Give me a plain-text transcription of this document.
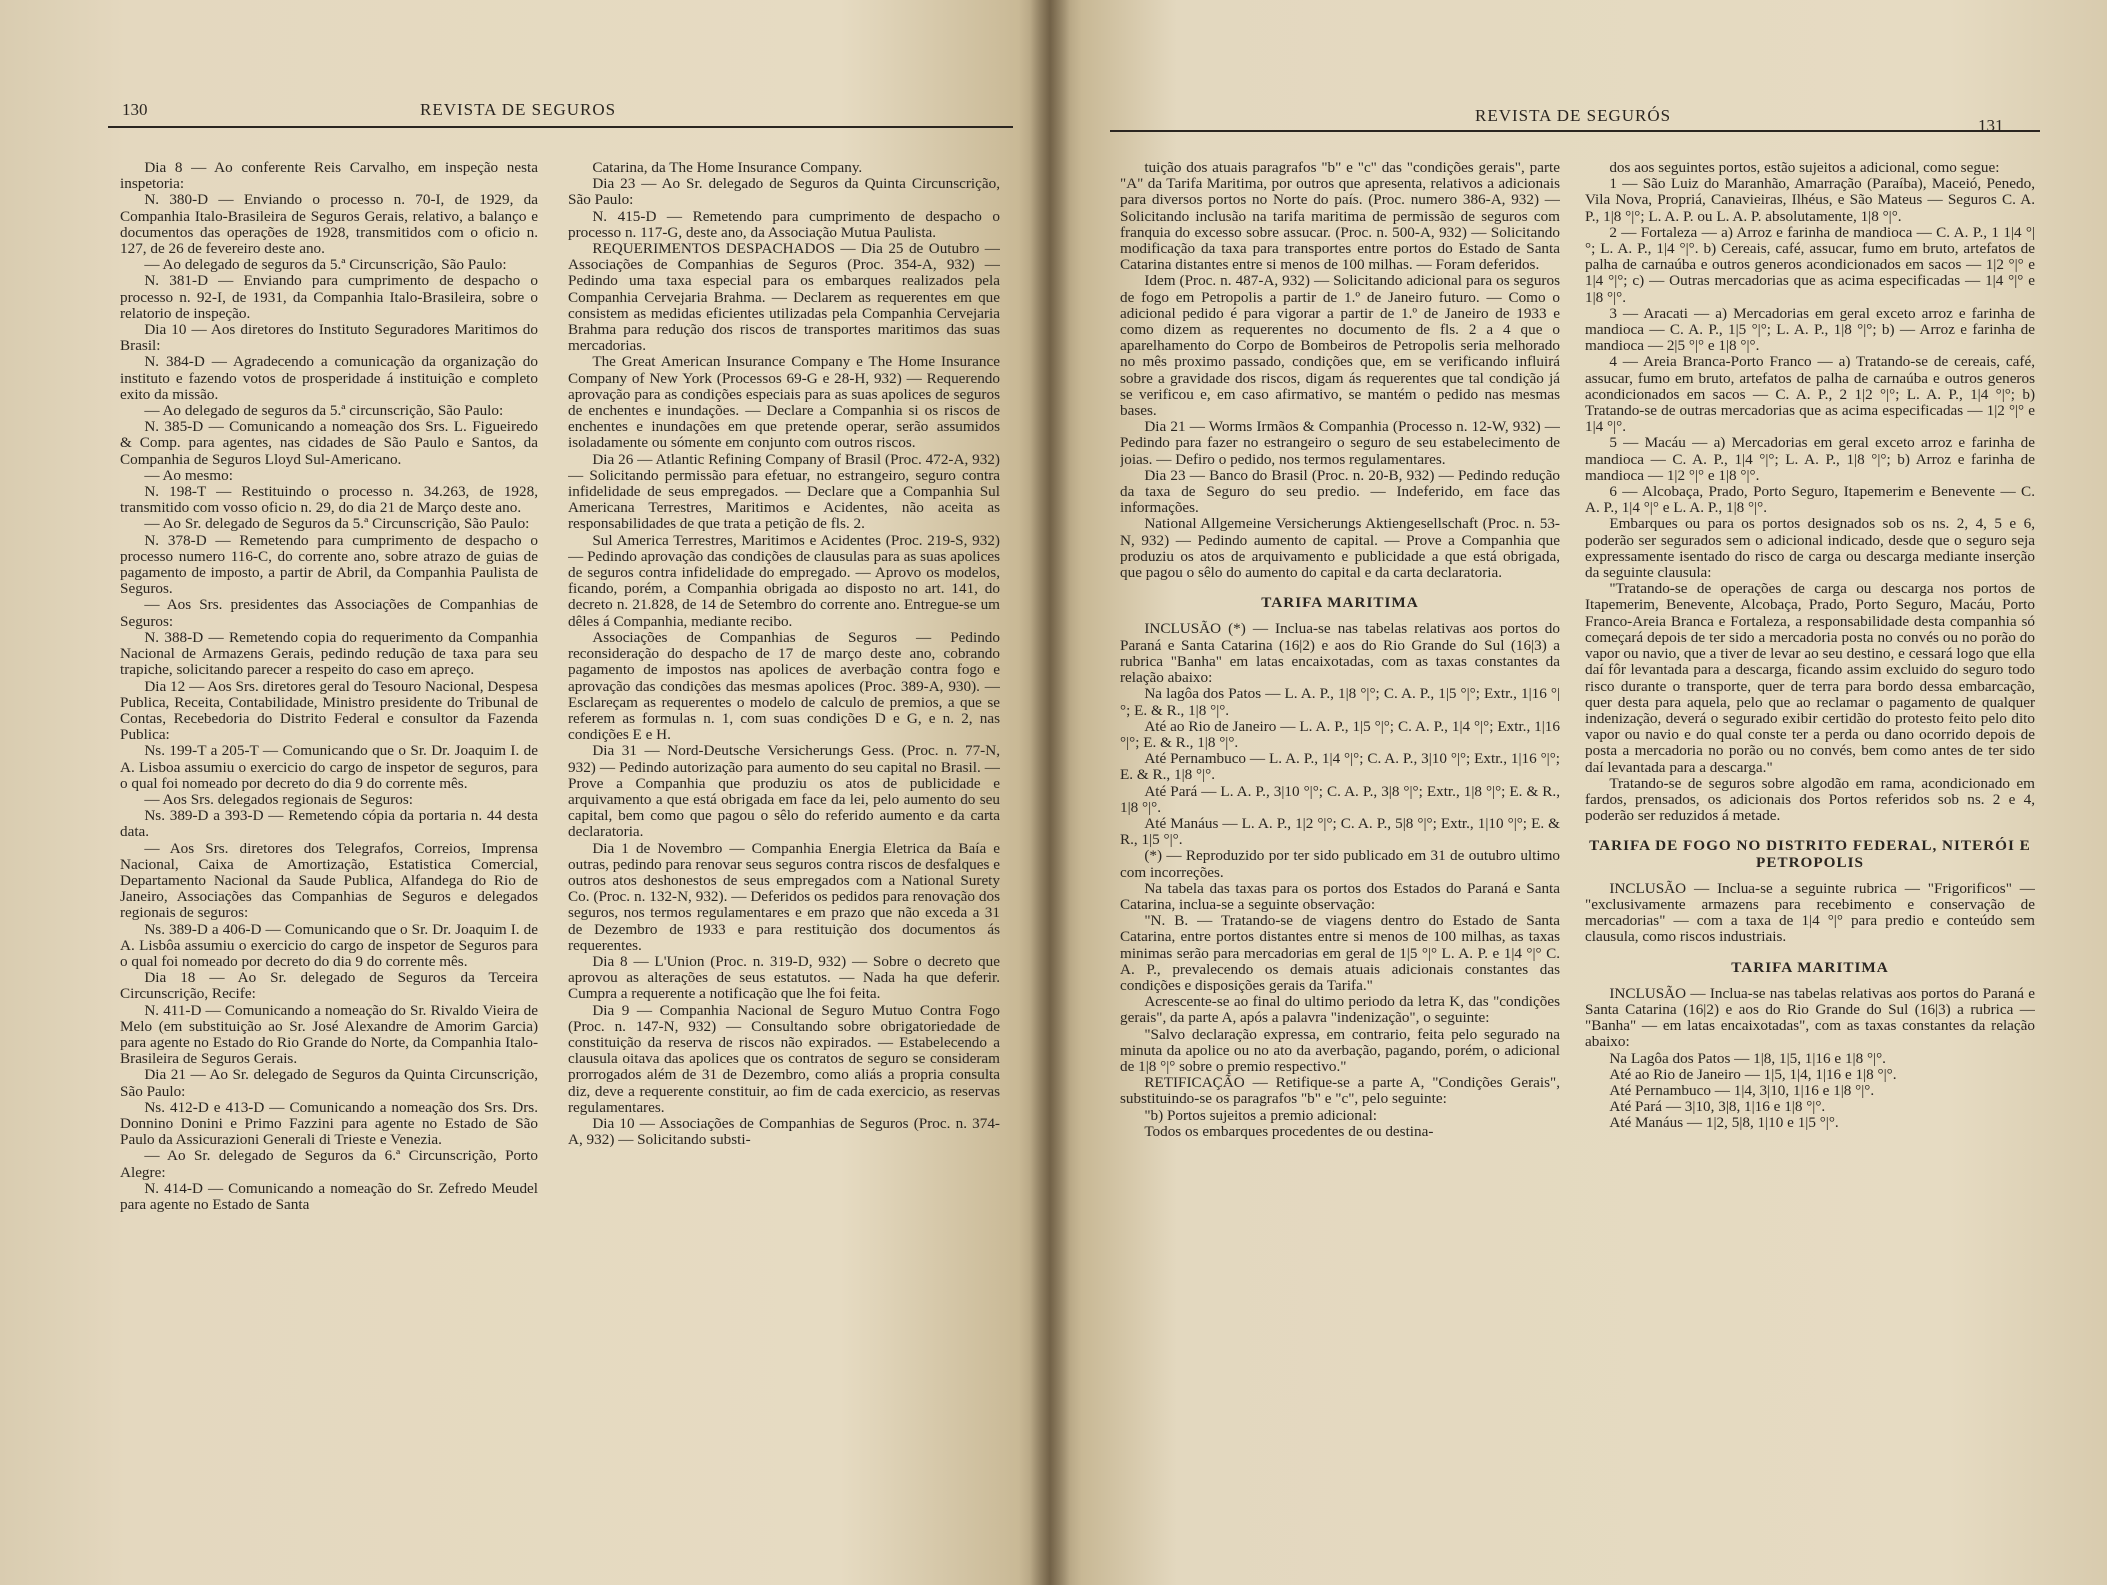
130	REVISTA DE SEGUROS

Dia 8 — Ao conferente Reis Carvalho, em inspeção nesta inspetoria:

N. 380-D — Enviando o processo n. 70-I, de 1929, da Companhia Italo-Brasileira de Seguros Gerais, relativo, a balanço e documentos das operações de 1928, transmitidos com o oficio n. 127, de 26 de fevereiro deste ano.

— Ao delegado de seguros da 5.ª Circunscrição, São Paulo:

N. 381-D — Enviando para cumprimento de despacho o processo n. 92-I, de 1931, da Companhia Italo-Brasileira, sobre o relatorio de inspeção.

Dia 10 — Aos diretores do Instituto Seguradores Maritimos do Brasil:

N. 384-D — Agradecendo a comunicação da organização do instituto e fazendo votos de prosperidade á instituição e completo exito da missão.

— Ao delegado de seguros da 5.ª circunscrição, São Paulo:

N. 385-D — Comunicando a nomeação dos Srs. L. Figueiredo & Comp. para agentes, nas cidades de São Paulo e Santos, da Companhia de Seguros Lloyd Sul-Americano.

— Ao mesmo:

N. 198-T — Restituindo o processo n. 34.263, de 1928, transmitido com vosso oficio n. 29, do dia 21 de Março deste ano.

— Ao Sr. delegado de Seguros da 5.ª Circunscrição, São Paulo:

N. 378-D — Remetendo para cumprimento de despacho o processo numero 116-C, do corrente ano, sobre atrazo de guias de pagamento de imposto, a partir de Abril, da Companhia Paulista de Seguros.

— Aos Srs. presidentes das Associações de Companhias de Seguros:

N. 388-D — Remetendo copia do requerimento da Companhia Nacional de Armazens Gerais, pedindo redução de taxa para seu trapiche, solicitando parecer a respeito do caso em apreço.

Dia 12 — Aos Srs. diretores geral do Tesouro Nacional, Despesa Publica, Receita, Contabilidade, Ministro presidente do Tribunal de Contas, Recebedoria do Distrito Federal e consultor da Fazenda Publica:

Ns. 199-T a 205-T — Comunicando que o Sr. Dr. Joaquim I. de A. Lisboa assumiu o exercicio do cargo de inspetor de seguros, para o qual foi nomeado por decreto do dia 9 do corrente mês.

— Aos Srs. delegados regionais de Seguros:

Ns. 389-D a 393-D — Remetendo cópia da portaria n. 44 desta data.

— Aos Srs. diretores dos Telegrafos, Correios, Imprensa Nacional, Caixa de Amortização, Estatistica Comercial, Departamento Nacional da Saude Publica, Alfandega do Rio de Janeiro, Associações das Companhias de Seguros e delegados regionais de seguros:

Ns. 389-D a 406-D — Comunicando que o Sr. Dr. Joaquim I. de A. Lisbôa assumiu o exercicio do cargo de inspetor de Seguros para o qual foi nomeado por decreto do dia 9 do corrente mês.

Dia 18 — Ao Sr. delegado de Seguros da Terceira Circunscrição, Recife:

N. 411-D — Comunicando a nomeação do Sr. Rivaldo Vieira de Melo (em substituição ao Sr. José Alexandre de Amorim Garcia) para agente no Estado do Rio Grande do Norte, da Companhia Italo-Brasileira de Seguros Gerais.

Dia 21 — Ao Sr. delegado de Seguros da Quinta Circunscrição, São Paulo:

Ns. 412-D e 413-D — Comunicando a nomeação dos Srs. Drs. Donnino Donini e Primo Fazzini para agente no Estado de São Paulo da Assicurazioni Generali di Trieste e Venezia.

— Ao Sr. delegado de Seguros da 6.ª Circunscrição, Porto Alegre:

N. 414-D — Comunicando a nomeação do Sr. Zefredo Meudel para agente no Estado de Santa

Catarina, da The Home Insurance Company.

Dia 23 — Ao Sr. delegado de Seguros da Quinta Circunscrição, São Paulo:

N. 415-D — Remetendo para cumprimento de despacho o processo n. 117-G, deste ano, da Associação Mutua Paulista.

REQUERIMENTOS DESPACHADOS — Dia 25 de Outubro — Associações de Companhias de Seguros (Proc. 354-A, 932) — Pedindo uma taxa especial para os embarques realizados pela Companhia Cervejaria Brahma. — Declarem as requerentes em que consistem as medidas eficientes utilizadas pela Companhia Cervejaria Brahma para redução dos riscos de transportes maritimos das suas mercadorias.

The Great American Insurance Company e The Home Insurance Company of New York (Processos 69-G e 28-H, 932) — Requerendo aprovação para as condições especiais para as suas apolices de seguros de enchentes e inundações. — Declare a Companhia si os riscos de enchentes e inundações em que pretende operar, serão assumidos isoladamente ou sómente em conjunto com outros riscos.

Dia 26 — Atlantic Refining Company of Brasil (Proc. 472-A, 932) — Solicitando permissão para efetuar, no estrangeiro, seguro contra infidelidade de seus empregados. — Declare que a Companhia Sul Americana Terrestres, Maritimos e Acidentes, não aceita as responsabilidades de que trata a petição de fls. 2.

Sul America Terrestres, Maritimos e Acidentes (Proc. 219-S, 932) — Pedindo aprovação das condições de clausulas para as suas apolices de seguros contra infidelidade do empregado. — Aprovo os modelos, ficando, porém, a Companhia obrigada ao disposto no art. 141, do decreto n. 21.828, de 14 de Setembro do corrente ano. Entregue-se um dêles á Companhia, mediante recibo.

Associações de Companhias de Seguros — Pedindo reconsideração do despacho de 17 de março deste ano, cobrando pagamento de impostos nas apolices de averbação contra fogo e aprovação das condições das mesmas apolices (Proc. 389-A, 930). — Esclareçam as requerentes o modelo de calculo de premios, a que se referem as formulas n. 1, com suas condições D e G, e n. 2, nas condições E e H.

Dia 31 — Nord-Deutsche Versicherungs Gess. (Proc. n. 77-N, 932) — Pedindo autorização para aumento do seu capital no Brasil. — Prove a Companhia que produziu os atos de publicidade e arquivamento a que está obrigada em face da lei, pelo aumento do seu capital, bem como que pagou o sêlo do referido aumento e da carta declaratoria.

Dia 1 de Novembro — Companhia Energia Eletrica da Baía e outras, pedindo para renovar seus seguros contra riscos de desfalques e outros atos deshonestos de seus empregados com a National Surety Co. (Proc. n. 132-N, 932). — Deferidos os pedidos para renovação dos seguros, nos termos regulamentares e em prazo que não exceda a 31 de Dezembro de 1933 e para restituição dos documentos ás requerentes.

Dia 8 — L'Union (Proc. n. 319-D, 932) — Sobre o decreto que aprovou as alterações de seus estatutos. — Nada ha que deferir. Cumpra a requerente a notificação que lhe foi feita.

Dia 9 — Companhia Nacional de Seguro Mutuo Contra Fogo (Proc. n. 147-N, 932) — Consultando sobre obrigatoriedade de constituição da reserva de riscos não expirados. — Estabelecendo a clausula oitava das apolices que os contratos de seguro se consideram prorrogados além de 31 de Dezembro, como aliás a propria consulta diz, deve a requerente constituir, ao fim de cada exercicio, as reservas regulamentares.

Dia 10 — Associações de Companhias de Seguros (Proc. n. 374-A, 932) — Solicitando substi-

REVISTA DE SEGURÓS
131

tuição dos atuais paragrafos "b" e "c" das "condições gerais", parte "A" da Tarifa Maritima, por outros que apresenta, relativos a adicionais para diversos portos no Norte do país. (Proc. numero 386-A, 932) — Solicitando inclusão na tarifa maritima de permissão de seguros com franquia do excesso sobre assucar. (Proc. n. 500-A, 932) — Solicitando modificação da taxa para transportes entre portos do Estado de Santa Catarina distantes entre si menos de 100 milhas. — Foram deferidos.

Idem (Proc. n. 487-A, 932) — Solicitando adicional para os seguros de fogo em Petropolis a partir de 1.º de Janeiro futuro. — Como o adicional pedido é para vigorar a partir de 1.º de Janeiro de 1933 e como dizem as requerentes no documento de fls. 2 a 4 que o aparelhamento do Corpo de Bombeiros de Petropolis seria melhorado no mês proximo passado, condições que, em se verificando influirá sobre a gravidade dos riscos, digam ás requerentes que tal condição já se verificou e, em caso afirmativo, se mantém o pedido nas mesmas bases.

Dia 21 — Worms Irmãos & Companhia (Processo n. 12-W, 932) — Pedindo para fazer no estrangeiro o seguro de seu estabelecimento de joias. — Defiro o pedido, nos termos regulamentares.

Dia 23 — Banco do Brasil (Proc. n. 20-B, 932) — Pedindo redução da taxa de Seguro do seu predio. — Indeferido, em face das informações.

National Allgemeine Versicherungs Aktiengesellschaft (Proc. n. 53-N, 932) — Pedindo aumento de capital. — Prove a Companhia que produziu os atos de arquivamento e publicidade a que está obrigada, que pagou o sêlo do aumento do capital e da carta declaratoria.

TARIFA MARITIMA

INCLUSÃO (*) — Inclua-se nas tabelas relativas aos portos do Paraná e Santa Catarina (16|2) e aos do Rio Grande do Sul (16|3) a rubrica "Banha" em latas encaixotadas, com as taxas constantes da relação abaixo:

Na lagôa dos Patos — L. A. P., 1|8 °|°; C. A. P., 1|5 °|°; Extr., 1|16 °|°; E. & R., 1|8 °|°.

Até ao Rio de Janeiro — L. A. P., 1|5 °|°; C. A. P., 1|4 °|°; Extr., 1|16 °|°; E. & R., 1|8 °|°.

Até Pernambuco — L. A. P., 1|4 °|°; C. A. P., 3|10 °|°; Extr., 1|16 °|°; E. & R., 1|8 °|°.

Até Pará — L. A. P., 3|10 °|°; C. A. P., 3|8 °|°; Extr., 1|8 °|°; E. & R., 1|8 °|°.

Até Manáus — L. A. P., 1|2 °|°; C. A. P., 5|8 °|°; Extr., 1|10 °|°; E. & R., 1|5 °|°.

(*) — Reproduzido por ter sido publicado em 31 de outubro ultimo com incorreções.

Na tabela das taxas para os portos dos Estados do Paraná e Santa Catarina, inclua-se a seguinte observação:

"N. B. — Tratando-se de viagens dentro do Estado de Santa Catarina, entre portos distantes entre si menos de 100 milhas, as taxas minimas serão para mercadorias em geral de 1|5 °|° L. A. P. e 1|4 °|° C. A. P., prevalecendo os demais atuais adicionais constantes das condições e disposições gerais da Tarifa."

Acrescente-se ao final do ultimo periodo da letra K, das "condições gerais", da parte A, após a palavra "indenização", o seguinte:

"Salvo declaração expressa, em contrario, feita pelo segurado na minuta da apolice ou no ato da averbação, pagando, porém, o adicional de 1|8 °|° sobre o premio respectivo."

RETIFICAÇÃO — Retifique-se a parte A, "Condições Gerais", substituindo-se os paragrafos "b" e "c", pelo seguinte:

"b) Portos sujeitos a premio adicional:

Todos os embarques procedentes de ou destina-

dos aos seguintes portos, estão sujeitos a adicional, como segue:

1 — São Luiz do Maranhão, Amarração (Paraíba), Maceió, Penedo, Vila Nova, Propriá, Canavieiras, Ilhéus, e São Mateus — Seguros C. A. P., 1|8 °|°; L. A. P. ou L. A. P. absolutamente, 1|8 °|°.

2 — Fortaleza — a) Arroz e farinha de mandioca — C. A. P., 1 1|4 °|°; L. A. P., 1|4 °|°. b) Cereais, café, assucar, fumo em bruto, artefatos de palha de carnaúba e outros generos acondicionados em sacos — 1|2 °|° e 1|4 °|°; c) — Outras mercadorias que as acima especificadas — 1|4 °|° e 1|8 °|°.

3 — Aracati — a) Mercadorias em geral exceto arroz e farinha de mandioca — C. A. P., 1|5 °|°; L. A. P., 1|8 °|°; b) — Arroz e farinha de mandioca — 2|5 °|° e 1|8 °|°.

4 — Areia Branca-Porto Franco — a) Tratando-se de cereais, café, assucar, fumo em bruto, artefatos de palha de carnaúba e outros generos acondicionados em sacos — C. A. P., 2 1|2 °|°; L. A. P., 1|4 °|°; b) Tratando-se de outras mercadorias que as acima especificadas — 1|2 °|° e 1|4 °|°.

5 — Macáu — a) Mercadorias em geral exceto arroz e farinha de mandioca — C. A. P., 1|4 °|°; L. A. P., 1|8 °|°; b) Arroz e farinha de mandioca — 1|2 °|° e 1|8 °|°.

6 — Alcobaça, Prado, Porto Seguro, Itapemerim e Benevente — C. A. P., 1|4 °|° e L. A. P., 1|8 °|°.

Embarques ou para os portos designados sob os ns. 2, 4, 5 e 6, poderão ser segurados sem o adicional indicado, desde que o seguro seja expressamente isentado do risco de carga ou descarga mediante inserção da seguinte clausula:

"Tratando-se de operações de carga ou descarga nos portos de Itapemerim, Benevente, Alcobaça, Prado, Porto Seguro, Macáu, Porto Franco-Areia Branca e Fortaleza, a responsabilidade desta companhia só começará depois de ter sido a mercadoria posta no convés ou no porão do vapor ou navio, que a tiver de levar ao seu destino, e cessará logo que ella daí fôr levantada para a descarga, ficando assim excluido do seguro todo risco durante o transporte, quer de terra para bordo dessa embarcação, quer desta para aquela, pelo que ao reclamar o pagamento de qualquer indenização, deverá o segurado exibir certidão do protesto feito pelo dito vapor ou navio e do qual conste ter a perda ou dano ocorrido depois de posta a mercadoria no porão ou no convés, bem como antes de ter sido daí levantada para a descarga."

Tratando-se de seguros sobre algodão em rama, acondicionado em fardos, prensados, os adicionais dos Portos referidos sob ns. 2 e 4, poderão ser reduzidos á metade.

TARIFA DE FOGO NO DISTRITO FEDERAL, NITERÓI E PETROPOLIS

INCLUSÃO — Inclua-se a seguinte rubrica — "Frigorificos" — "exclusivamente armazens para recebimento e conservação de mercadorias" — com a taxa de 1|4 °|° para predio e conteúdo sem clausula, como riscos industriais.

TARIFA MARITIMA

INCLUSÃO — Inclua-se nas tabelas relativas aos portos do Paraná e Santa Catarina (16|2) e aos do Rio Grande do Sul (16|3) a rubrica — "Banha" — em latas encaixotadas", com as taxas constantes da relação abaixo:

Na Lagôa dos Patos — 1|8, 1|5, 1|16 e 1|8 °|°.

Até ao Rio de Janeiro — 1|5, 1|4, 1|16 e 1|8 °|°.

Até Pernambuco — 1|4, 3|10, 1|16 e 1|8 °|°.

Até Pará — 3|10, 3|8, 1|16 e 1|8 °|°.

Até Manáus — 1|2, 5|8, 1|10 e 1|5 °|°.
